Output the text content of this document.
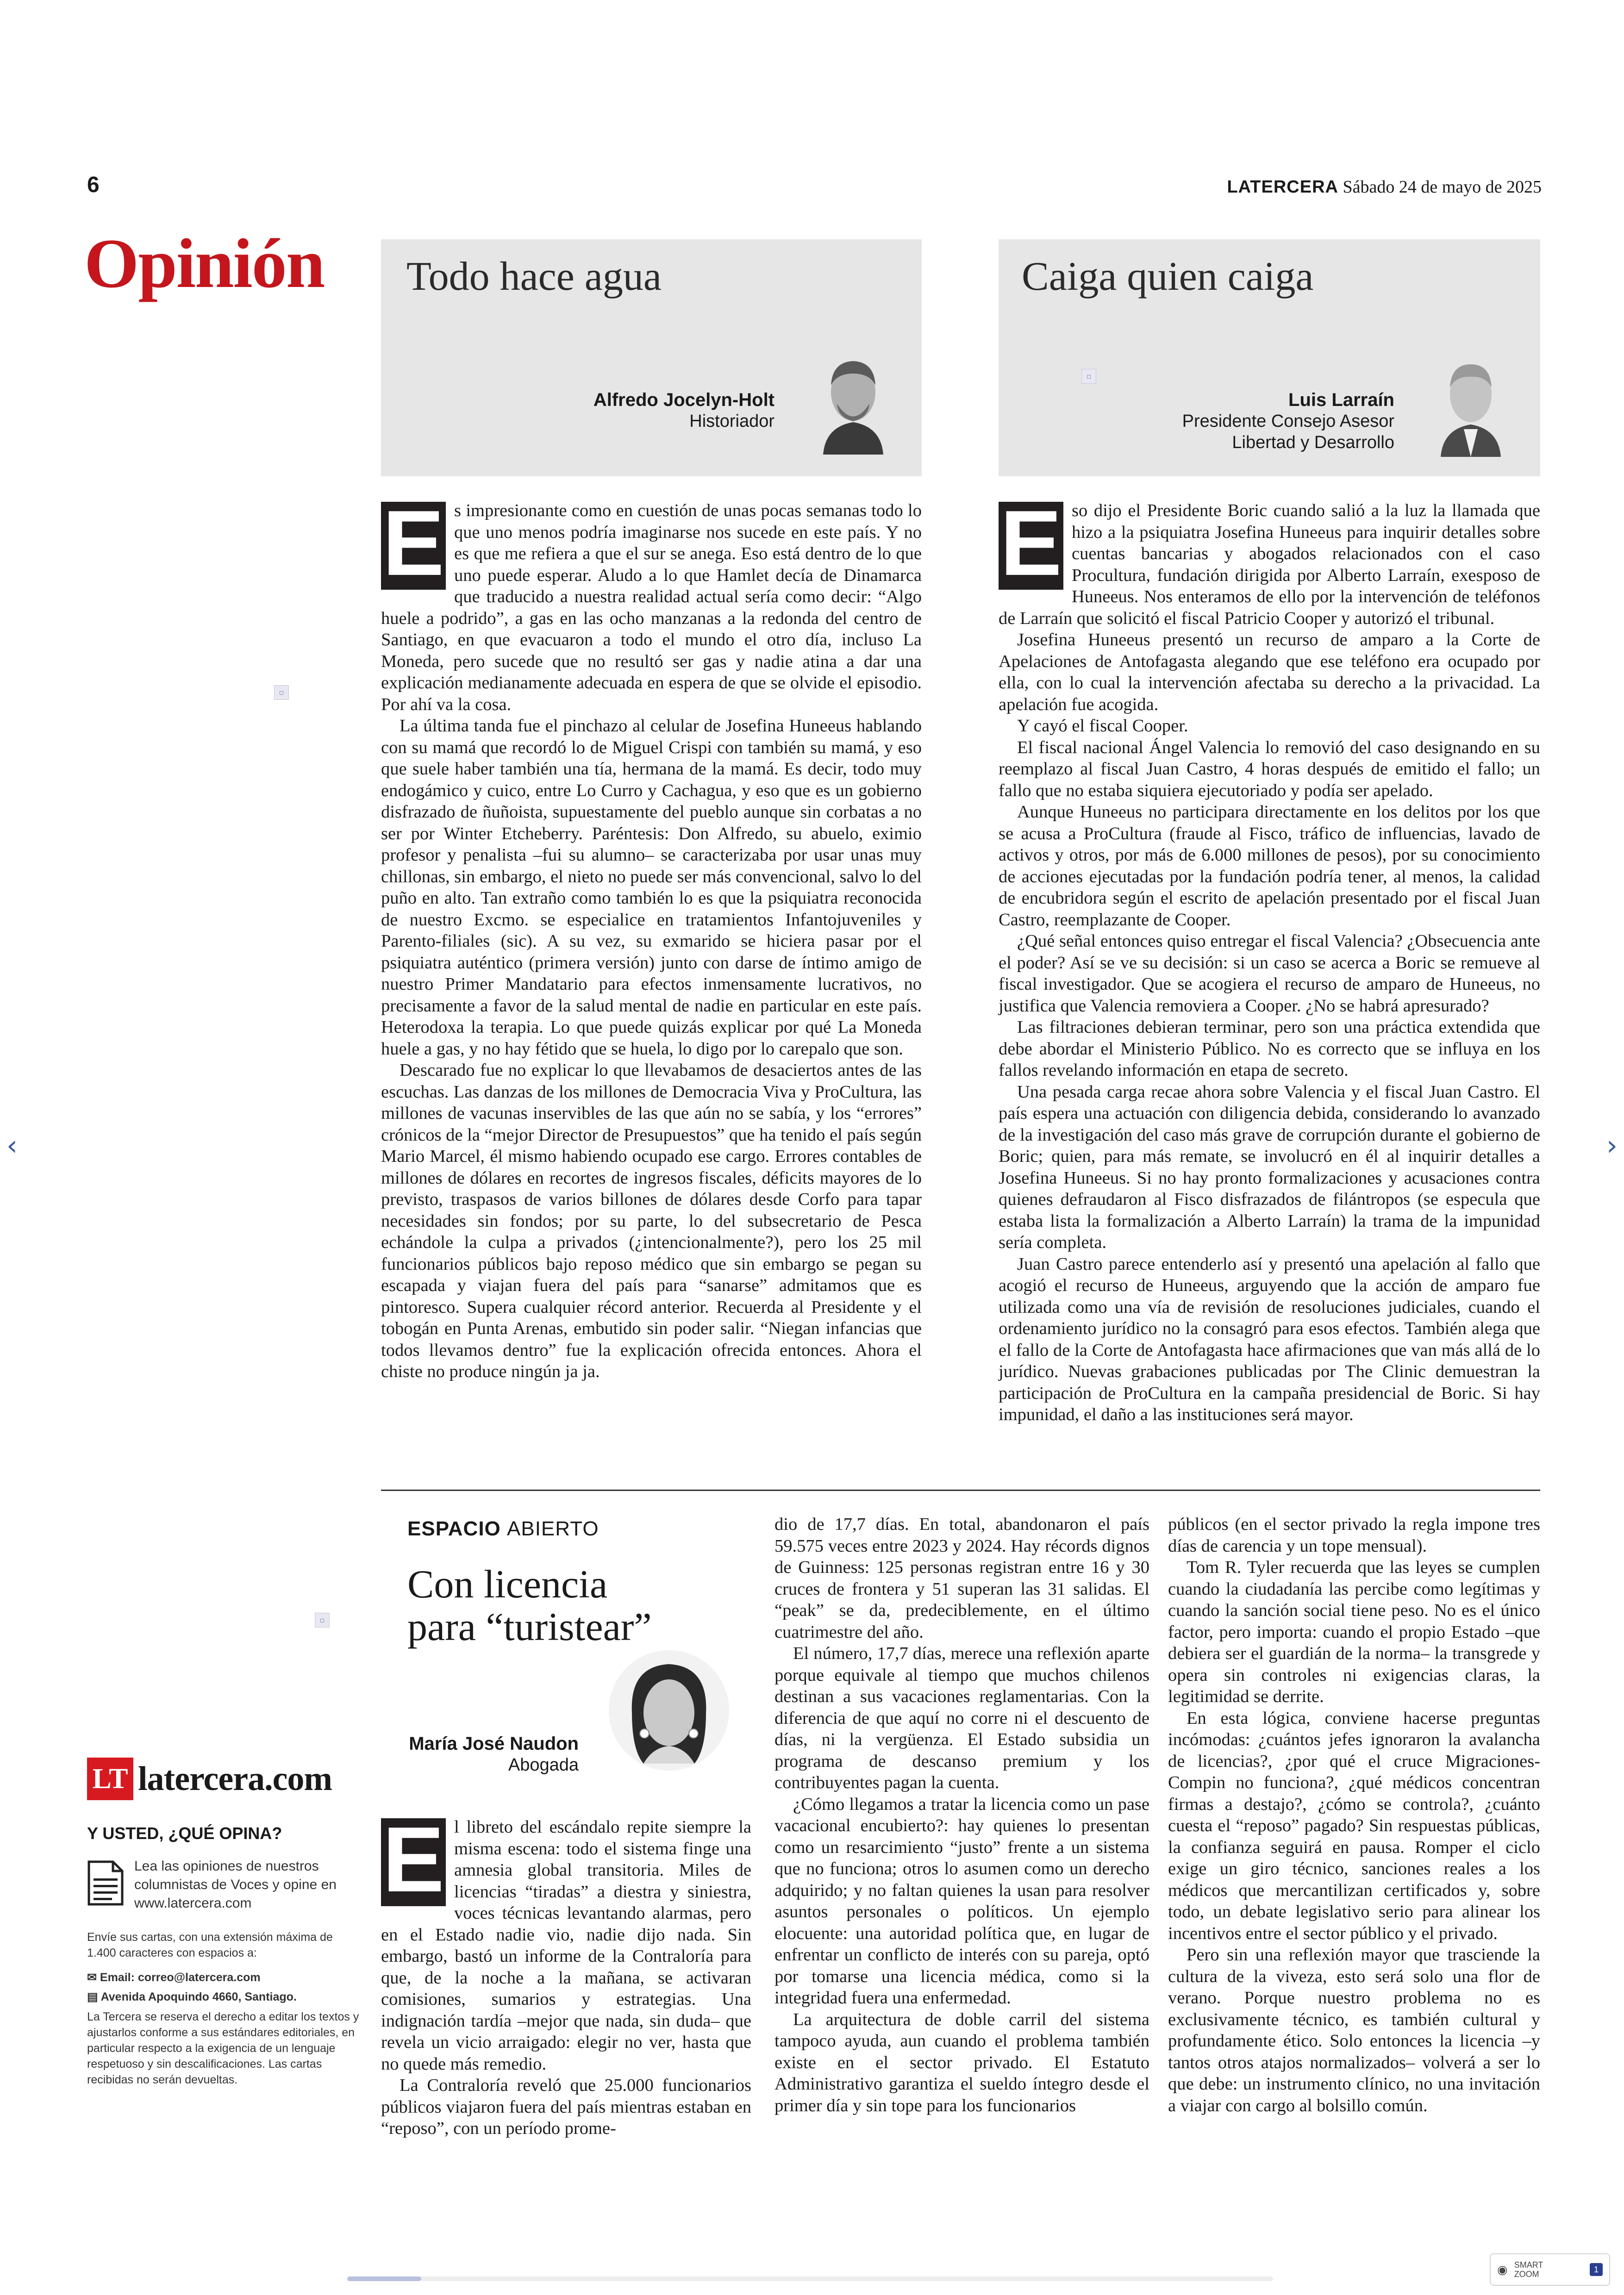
6	LATERCERA Sábado 24 de mayo de 2025
Opinión Todo hace agua
Alfredo Jocelyn-Holt
Historiador
Caiga quien caiga
Luis Larraín
Presidente Consejo Asesor
Libertad y Desarrollo
E s impresionante como en cuestión de unas pocas semanas todo lo que uno menos podría imaginarse nos sucede en este país. Y no es que me refiera a que el sur se anega. Eso está dentro de lo que uno puede esperar. Aludo a lo que Hamlet decía de Dinamarca que traducido a nuestra realidad actual sería como decir: “Algo huele a podrido”, a gas en las ocho manzanas a la redonda del centro de Santiago, en que evacuaron a todo el mundo el otro día, incluso La Moneda, pero sucede que no resultó ser gas y nadie atina a dar una explicación medianamente adecuada en espera de que se olvide el episodio. Por ahí va la cosa.

La última tanda fue el pinchazo al celular de Josefina Huneeus hablando con su mamá que recordó lo de Miguel Crispi con también su mamá, y eso que suele haber también una tía, hermana de la mamá. Es decir, todo muy endogámico y cuico, entre Lo Curro y Cachagua, y eso que es un gobierno disfrazado de ñuñoista, supuestamente del pueblo aunque sin corbatas a no ser por Winter Etcheberry. Paréntesis: Don Alfredo, su abuelo, eximio profesor y penalista –fui su alumno– se caracterizaba por usar unas muy chillonas, sin embargo, el nieto no puede ser más convencional, salvo lo del puño en alto. Tan extraño como también lo es que la psiquiatra reconocida de nuestro Excmo. se especialice en tratamientos Infantojuveniles y Parento-filiales (sic). A su vez, su exmarido se hiciera pasar por el psiquiatra auténtico (primera versión) junto con darse de íntimo amigo de nuestro Primer Mandatario para efectos inmensamente lucrativos, no precisamente a favor de la salud mental de nadie en particular en este país. Heterodoxa la terapia. Lo que puede quizás explicar por qué La Moneda huele a gas, y no hay fétido que se huela, lo digo por lo carepalo que son.

Descarado fue no explicar lo que llevabamos de desaciertos antes de las escuchas. Las danzas de los millones de Democracia Viva y ProCultura, las millones de vacunas inservibles de las que aún no se sabía, y los “errores” crónicos de la “mejor Director de Presupuestos” que ha tenido el país según Mario Marcel, él mismo habiendo ocupado ese cargo. Errores contables de millones de dólares en recortes de ingresos fiscales, déficits mayores de lo previsto, traspasos de varios billones de dólares desde Corfo para tapar necesidades sin fondos; por su parte, lo del subsecretario de Pesca echándole la culpa a privados (¿intencionalmente?), pero los 25 mil funcionarios públicos bajo reposo médico que sin embargo se pegan su escapada y viajan fuera del país para “sanarse” admitamos que es pintoresco. Supera cualquier récord anterior. Recuerda al Presidente y el tobogán en Punta Arenas, embutido sin poder salir. “Niegan infancias que todos llevamos dentro” fue la explicación ofrecida entonces. Ahora el chiste no produce ningún ja ja.

E so dijo el Presidente Boric cuando salió a la luz la llamada que hizo a la psiquiatra Josefina Huneeus para inquirir detalles sobre cuentas bancarias y abogados relacionados con el caso Procultura, fundación dirigida por Alberto Larraín, exesposo de Huneeus. Nos enteramos de ello por la intervención de teléfonos de Larraín que solicitó el fiscal Patricio Cooper y autorizó el tribunal.

Josefina Huneeus presentó un recurso de amparo a la Corte de Apelaciones de Antofagasta alegando que ese teléfono era ocupado por ella, con lo cual la intervención afectaba su derecho a la privacidad. La apelación fue acogida.

Y cayó el fiscal Cooper.

El fiscal nacional Ángel Valencia lo removió del caso designando en su reemplazo al fiscal Juan Castro, 4 horas después de emitido el fallo; un fallo que no estaba siquiera ejecutoriado y podía ser apelado.

Aunque Huneeus no participara directamente en los delitos por los que se acusa a ProCultura (fraude al Fisco, tráfico de influencias, lavado de activos y otros, por más de 6.000 millones de pesos), por su conocimiento de acciones ejecutadas por la fundación podría tener, al menos, la calidad de encubridora según el escrito de apelación presentado por el fiscal Juan Castro, reemplazante de Cooper.

¿Qué señal entonces quiso entregar el fiscal Valencia? ¿Obsecuencia ante el poder? Así se ve su decisión: si un caso se acerca a Boric se remueve al fiscal investigador. Que se acogiera el recurso de amparo de Huneeus, no justifica que Valencia removiera a Cooper. ¿No se habrá apresurado?

Las filtraciones debieran terminar, pero son una práctica extendida que debe abordar el Ministerio Público. No es correcto que se influya en los fallos revelando información en etapa de secreto.

Una pesada carga recae ahora sobre Valencia y el fiscal Juan Castro. El país espera una actuación con diligencia debida, considerando lo avanzado de la investigación del caso más grave de corrupción durante el gobierno de Boric; quien, para más remate, se involucró en él al inquirir detalles a Josefina Huneeus. Si no hay pronto formalizaciones y acusaciones contra quienes defraudaron al Fisco disfrazados de filántropos (se especula que estaba lista la formalización a Alberto Larraín) la trama de la impunidad sería completa.

Juan Castro parece entenderlo así y presentó una apelación al fallo que acogió el recurso de Huneeus, arguyendo que la acción de amparo fue utilizada como una vía de revisión de resoluciones judiciales, cuando el ordenamiento jurídico no la consagró para esos efectos. También alega que el fallo de la Corte de Antofagasta hace afirmaciones que van más allá de lo jurídico. Nuevas grabaciones publicadas por The Clinic demuestran la participación de ProCultura en la campaña presidencial de Boric. Si hay impunidad, el daño a las instituciones será mayor.

ESPACIO ABIERTO
Con licencia
para “turistear”
María José Naudon
Abogada
E l libreto del escándalo repite siempre la misma escena: todo el sistema finge una amnesia global transitoria. Miles de licencias “tiradas” a diestra y siniestra, voces técnicas levantando alarmas, pero en el Estado nadie vio, nadie dijo nada. Sin embargo, bastó un informe de la Contraloría para que, de la noche a la mañana, se activaran comisiones, sumarios y estrategias. Una indignación tardía –mejor que nada, sin duda– que revela un vicio arraigado: elegir no ver, hasta que no quede más remedio.

La Contraloría reveló que 25.000 funcionarios públicos viajaron fuera del país mientras estaban en “reposo”, con un período prome-

dio de 17,7 días. En total, abandonaron el país 59.575 veces entre 2023 y 2024. Hay récords dignos de Guinness: 125 personas registran entre 16 y 30 cruces de frontera y 51 superan las 31 salidas. El “peak” se da, predeciblemente, en el último cuatrimestre del año.

El número, 17,7 días, merece una reflexión aparte porque equivale al tiempo que muchos chilenos destinan a sus vacaciones reglamentarias. Con la diferencia de que aquí no corre ni el descuento de días, ni la vergüenza. El Estado subsidia un programa de descanso premium y los contribuyentes pagan la cuenta.

¿Cómo llegamos a tratar la licencia como un pase vacacional encubierto?: hay quienes lo presentan como un resarcimiento “justo” frente a un sistema que no funciona; otros lo asumen como un derecho adquirido; y no faltan quienes la usan para resolver asuntos personales o políticos. Un ejemplo elocuente: una autoridad política que, en lugar de enfrentar un conflicto de interés con su pareja, optó por tomarse una licencia médica, como si la integridad fuera una enfermedad.

La arquitectura de doble carril del sistema tampoco ayuda, aun cuando el problema también existe en el sector privado. El Estatuto Administrativo garantiza el sueldo íntegro desde el primer día y sin tope para los funcionarios

públicos (en el sector privado la regla impone tres días de carencia y un tope mensual).

Tom R. Tyler recuerda que las leyes se cumplen cuando la ciudadanía las percibe como legítimas y cuando la sanción social tiene peso. No es el único factor, pero importa: cuando el propio Estado –que debiera ser el guardián de la norma– la transgrede y opera sin controles ni exigencias claras, la legitimidad se derrite.

En esta lógica, conviene hacerse preguntas incómodas: ¿cuántos jefes ignoraron la avalancha de licencias?, ¿por qué el cruce Migraciones-Compin no funciona?, ¿qué médicos concentran firmas a destajo?, ¿cómo se controla?, ¿cuánto cuesta el “reposo” pagado? Sin respuestas públicas, la confianza seguirá en pausa. Romper el ciclo exige un giro técnico, sanciones reales a los médicos que mercantilizan certificados y, sobre todo, un debate legislativo serio para alinear los incentivos entre el sector público y el privado.

Pero sin una reflexión mayor que trasciende la cultura de la viveza, esto será solo una flor de verano. Porque nuestro problema no es exclusivamente técnico, es también cultural y profundamente ético. Solo entonces la licencia –y tantos otros atajos normalizados– volverá a ser lo que debe: un instrumento clínico, no una invitación a viajar con cargo al bolsillo común.

LT latercera.com
Y USTED, ¿QUÉ OPINA?
Lea las opiniones de nuestros columnistas de Voces y opine en www.latercera.com
Envíe sus cartas, con una extensión máxima de 1.400 caracteres con espacios a:
✉ Email: correo@latercera.com
▤ Avenida Apoquindo 4660, Santiago.
La Tercera se reserva el derecho a editar los textos y ajustarlos conforme a sus estándares editoriales, en particular respecto a la exigencia de un lenguaje respetuoso y sin descalificaciones. Las cartas recibidas no serán devueltas.
‹	›
▫
▫
▫
◉ SMART
ZOOM	1
